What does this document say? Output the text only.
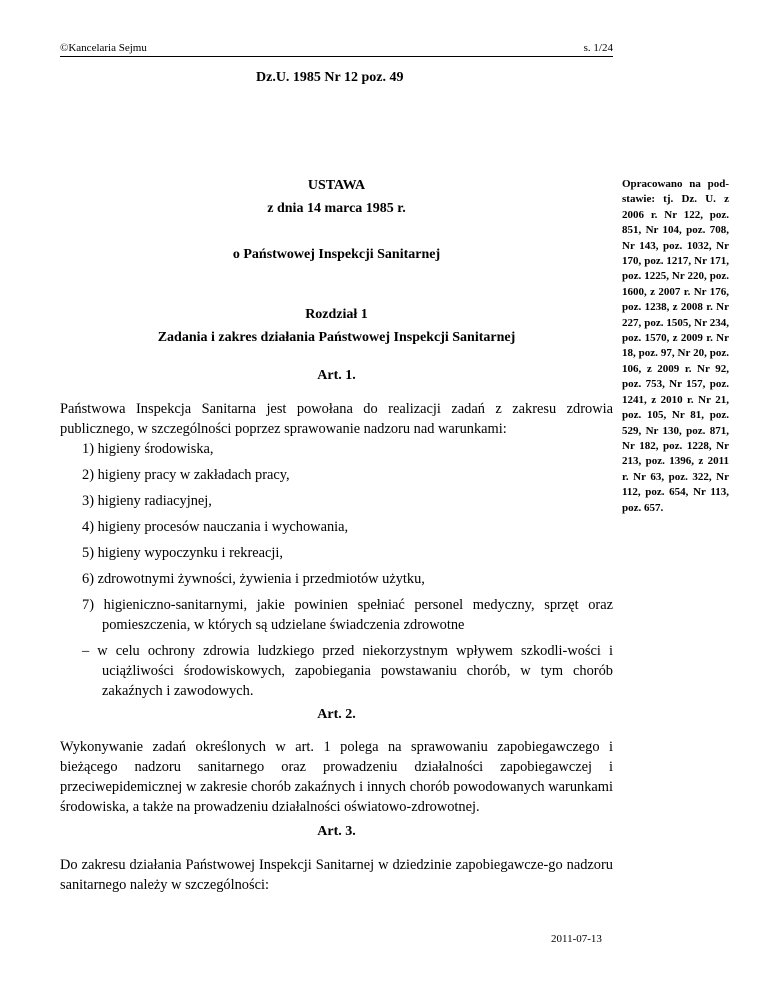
©Kancelaria Sejmu	s. 1/24
Dz.U. 1985 Nr 12 poz. 49
Opracowano na pod-stawie: tj. Dz. U. z 2006 r. Nr 122, poz. 851, Nr 104, poz. 708, Nr 143, poz. 1032, Nr 170, poz. 1217, Nr 171, poz. 1225, Nr 220, poz. 1600, z 2007 r. Nr 176, poz. 1238, z 2008 r. Nr 227, poz. 1505, Nr 234, poz. 1570, z 2009 r. Nr 18, poz. 97, Nr 20, poz. 106, z 2009 r. Nr 92, poz. 753, Nr 157, poz. 1241, z 2010 r. Nr 21, poz. 105, Nr 81, poz. 529, Nr 130, poz. 871, Nr 182, poz. 1228, Nr 213, poz. 1396, z 2011 r. Nr 63, poz. 322, Nr 112, poz. 654, Nr 113, poz. 657.
USTAWA
z dnia 14 marca 1985 r.
o Państwowej Inspekcji Sanitarnej
Rozdział 1
Zadania i zakres działania Państwowej Inspekcji Sanitarnej
Art. 1.
Państwowa Inspekcja Sanitarna jest powołana do realizacji zadań z zakresu zdrowia publicznego, w szczególności poprzez sprawowanie nadzoru nad warunkami:
1) higieny środowiska,
2) higieny pracy w zakładach pracy,
3) higieny radiacyjnej,
4) higieny procesów nauczania i wychowania,
5) higieny wypoczynku i rekreacji,
6) zdrowotnymi żywności, żywienia i przedmiotów użytku,
7) higieniczno-sanitarnymi, jakie powinien spełniać personel medyczny, sprzęt oraz pomieszczenia, w których są udzielane świadczenia zdrowotne
– w celu ochrony zdrowia ludzkiego przed niekorzystnym wpływem szkodli-wości i uciążliwości środowiskowych, zapobiegania powstawaniu chorób, w tym chorób zakaźnych i zawodowych.
Art. 2.
Wykonywanie zadań określonych w art. 1 polega na sprawowaniu zapobiegawczego i bieżącego nadzoru sanitarnego oraz prowadzeniu działalności zapobiegawczej i przeciwepidemicznej w zakresie chorób zakaźnych i innych chorób powodowanych warunkami środowiska, a także na prowadzeniu działalności oświatowo-zdrowotnej.
Art. 3.
Do zakresu działania Państwowej Inspekcji Sanitarnej w dziedzinie zapobiegawcze-go nadzoru sanitarnego należy w szczególności:
2011-07-13
